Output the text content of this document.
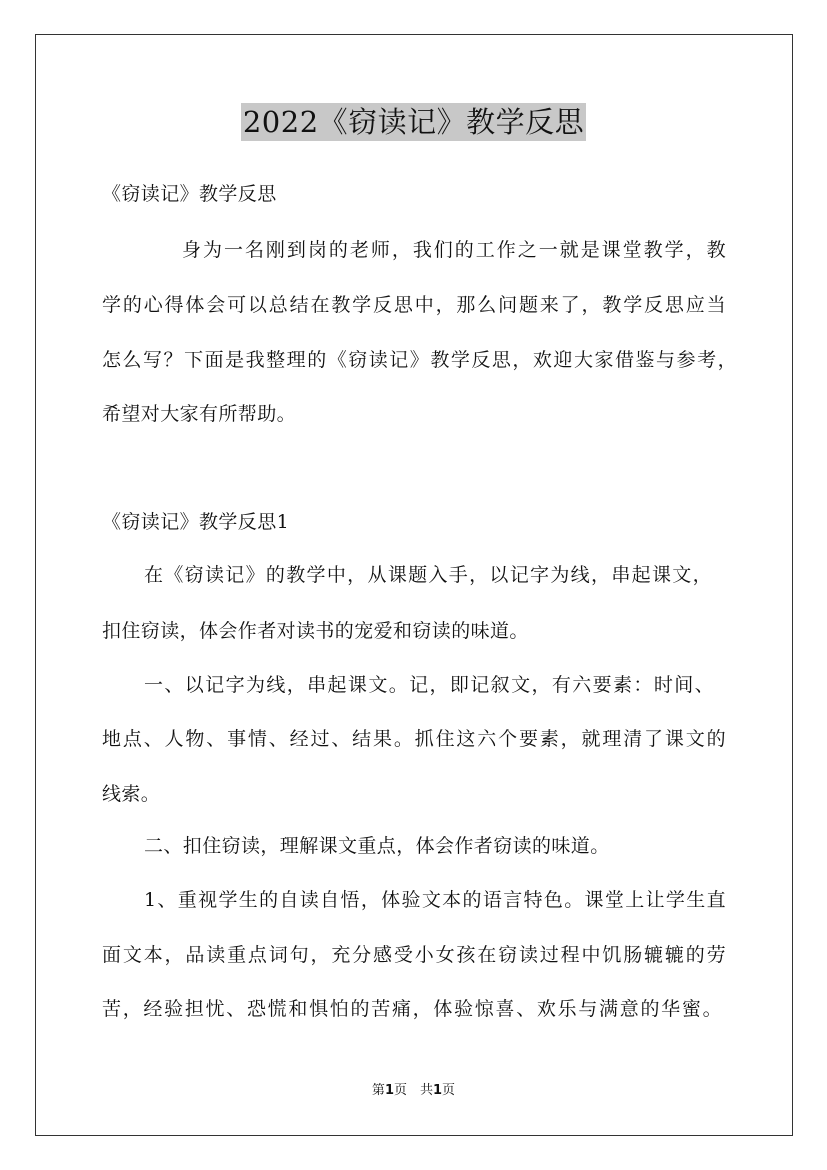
2022《窃读记》教学反思
《窃读记》教学反思
身为一名刚到岗的老师，我们的工作之一就是课堂教学，教
学的心得体会可以总结在教学反思中，那么问题来了，教学反思应当
怎么写？下面是我整理的《窃读记》教学反思，欢迎大家借鉴与参考，
希望对大家有所帮助。
《窃读记》教学反思1
在《窃读记》的教学中，从课题入手，以记字为线，串起课文，
扣住窃读，体会作者对读书的宠爱和窃读的味道。
一、以记字为线，串起课文。记，即记叙文，有六要素：时间、
地点、人物、事情、经过、结果。抓住这六个要素，就理清了课文的
线索。
二、扣住窃读，理解课文重点，体会作者窃读的味道。
1、重视学生的自读自悟，体验文本的语言特色。课堂上让学生直
面文本，品读重点词句，充分感受小女孩在窃读过程中饥肠辘辘的劳
苦，经验担忧、恐慌和惧怕的苦痛，体验惊喜、欢乐与满意的华蜜。
第1页　共1页
